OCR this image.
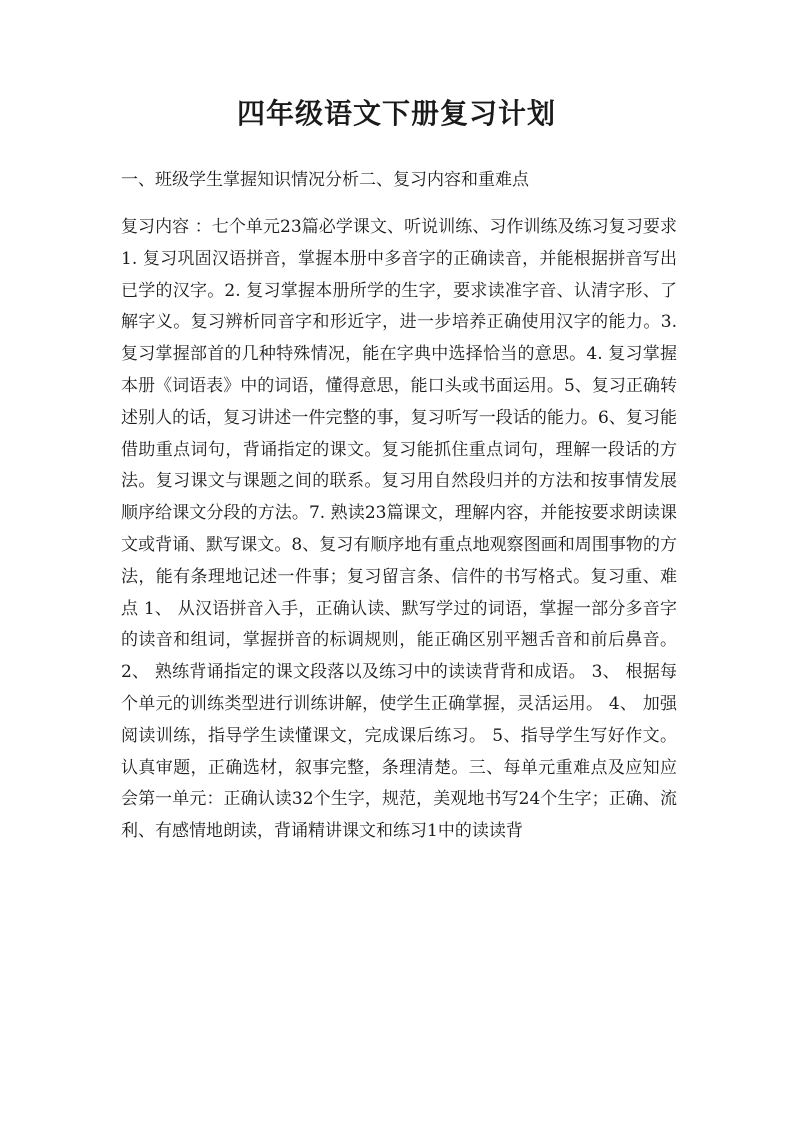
四年级语文下册复习计划

一、班级学生掌握知识情况分析二、复习内容和重难点

复习内容 ：七个单元23篇必学课文、听说训练、习作训练及练习复习要求1. 复习巩固汉语拼音，掌握本册中多音字的正确读音，并能根据拼音写出已学的汉字。2. 复习掌握本册所学的生字，要求读准字音、认清字形、了解字义。复习辨析同音字和形近字，进一步培养正确使用汉字的能力。3. 复习掌握部首的几种特殊情况，能在字典中选择恰当的意思。4. 复习掌握本册《词语表》中的词语，懂得意思，能口头或书面运用。5、复习正确转述别人的话，复习讲述一件完整的事，复习听写一段话的能力。6、复习能借助重点词句，背诵指定的课文。复习能抓住重点词句，理解一段话的方法。复习课文与课题之间的联系。复习用自然段归并的方法和按事情发展顺序给课文分段的方法。7. 熟读23篇课文，理解内容，并能按要求朗读课文或背诵、默写课文。8、复习有顺序地有重点地观察图画和周围事物的方法，能有条理地记述一件事；复习留言条、信件的书写格式。复习重、难点 1、 从汉语拼音入手，正确认读、默写学过的词语，掌握一部分多音字的读音和组词，掌握拼音的标调规则，能正确区别平翘舌音和前后鼻音。 2、 熟练背诵指定的课文段落以及练习中的读读背背和成语。 3、 根据每个单元的训练类型进行训练讲解，使学生正确掌握，灵活运用。 4、 加强阅读训练，指导学生读懂课文，完成课后练习。 5、指导学生写好作文。认真审题，正确选材，叙事完整，条理清楚。三、每单元重难点及应知应会第一单元：正确认读32个生字，规范，美观地书写24个生字；正确、流利、有感情地朗读，背诵精讲课文和练习1中的读读背
